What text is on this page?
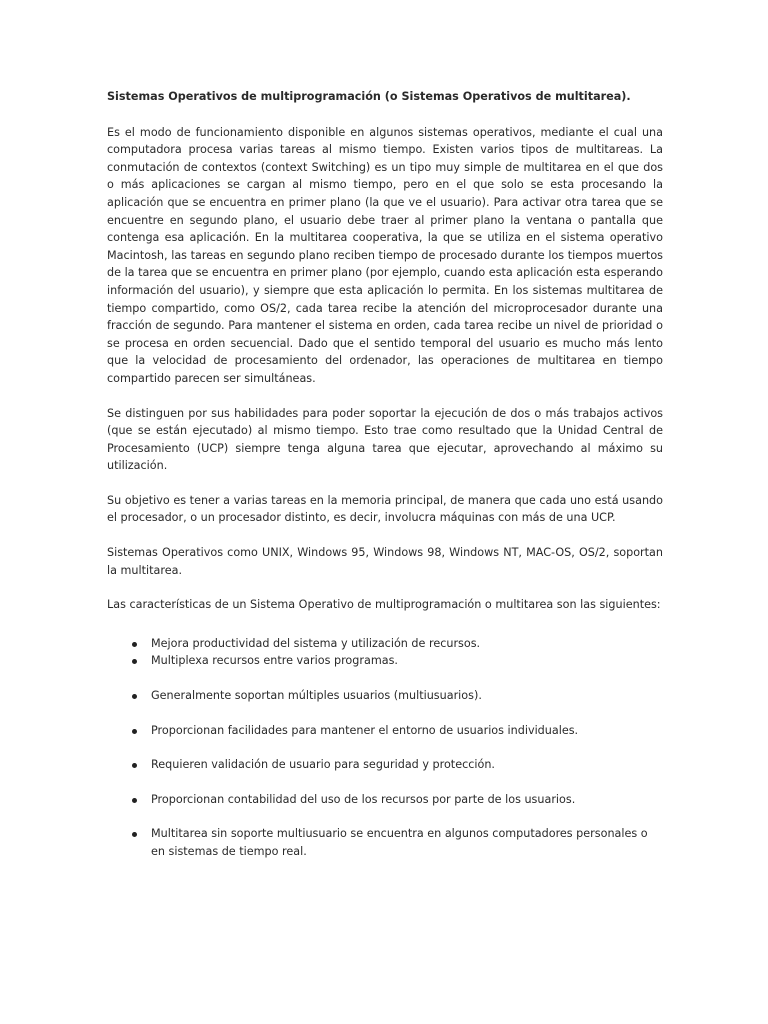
Sistemas Operativos de multiprogramación (o Sistemas Operativos de multitarea).

Es el modo de funcionamiento disponible en algunos sistemas operativos, mediante el cual una computadora procesa varias tareas al mismo tiempo. Existen varios tipos de multitareas. La conmutación de contextos (context Switching) es un tipo muy simple de multitarea en el que dos o más aplicaciones se cargan al mismo tiempo, pero en el que solo se esta procesando la aplicación que se encuentra en primer plano (la que ve el usuario). Para activar otra tarea que se encuentre en segundo plano, el usuario debe traer al primer plano la ventana o pantalla que contenga esa aplicación. En la multitarea cooperativa, la que se utiliza en el sistema operativo Macintosh, las tareas en segundo plano reciben tiempo de procesado durante los tiempos muertos de la tarea que se encuentra en primer plano (por ejemplo, cuando esta aplicación esta esperando información del usuario), y siempre que esta aplicación lo permita. En los sistemas multitarea de tiempo compartido, como OS/2, cada tarea recibe la atención del microprocesador durante una fracción de segundo. Para mantener el sistema en orden, cada tarea recibe un nivel de prioridad o se procesa en orden secuencial. Dado que el sentido temporal del usuario es mucho más lento que la velocidad de procesamiento del ordenador, las operaciones de multitarea en tiempo compartido parecen ser simultáneas.

Se distinguen por sus habilidades para poder soportar la ejecución de dos o más trabajos activos (que se están ejecutado) al mismo tiempo. Esto trae como resultado que la Unidad Central de Procesamiento (UCP) siempre tenga alguna tarea que ejecutar, aprovechando al máximo su utilización.

Su objetivo es tener a varias tareas en la memoria principal, de manera que cada uno está usando el procesador, o un procesador distinto, es decir, involucra máquinas con más de una UCP.

Sistemas Operativos como UNIX, Windows 95, Windows 98, Windows NT, MAC-OS, OS/2, soportan la multitarea.

Las características de un Sistema Operativo de multiprogramación o multitarea son las siguientes:

Mejora productividad del sistema y utilización de recursos.
Multiplexa recursos entre varios programas.
Generalmente soportan múltiples usuarios (multiusuarios).
Proporcionan facilidades para mantener el entorno de usuarios individuales.
Requieren validación de usuario para seguridad y protección.
Proporcionan contabilidad del uso de los recursos por parte de los usuarios.
Multitarea sin soporte multiusuario se encuentra en algunos computadores personales o en sistemas de tiempo real.
